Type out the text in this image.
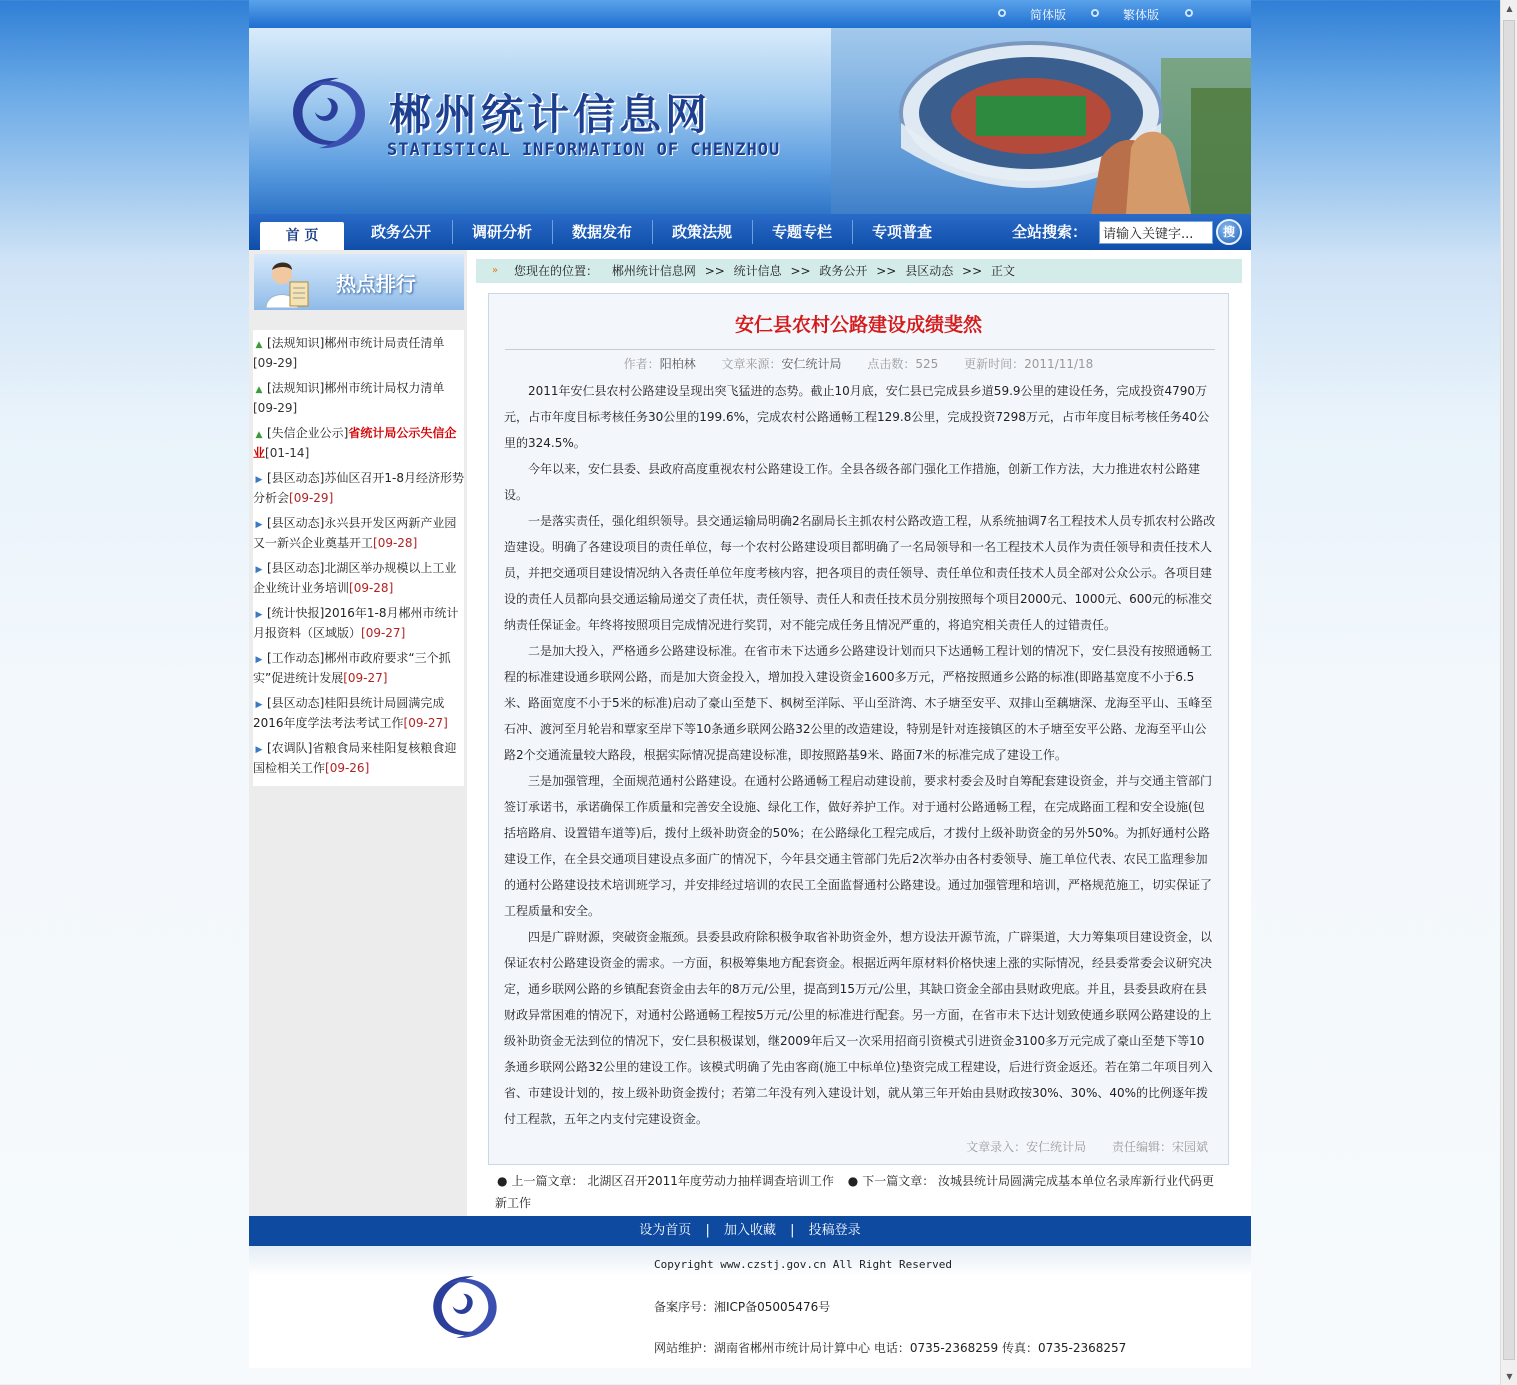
简体版	繁体版
郴州统计信息网
STATISTICAL INFORMATION OF CHENZHOU
首 页	政务公开	调研分析	数据发布	政策法规	专题专栏	专项普查	全站搜索：
请输入关键字...	搜
热点排行
▲ [法规知识]郴州市统计局责任清单
[09-29]
▲ [法规知识]郴州市统计局权力清单
[09-29]
▲ [失信企业公示]省统计局公示失信企业[01-14]
▶ [县区动态]苏仙区召开1-8月经济形势分析会[09-29]
▶ [县区动态]永兴县开发区两新产业园又一新兴企业奠基开工[09-28]
▶ [县区动态]北湖区举办规模以上工业企业统计业务培训[09-28]
▶ [统计快报]2016年1-8月郴州市统计月报资料（区域版）[09-27]
▶ [工作动态]郴州市政府要求“三个抓实”促进统计发展[09-27]
▶ [县区动态]桂阳县统计局圆满完成2016年度学法考法考试工作[09-27]
▶ [农调队]省粮食局来桂阳复核粮食迎国检相关工作[09-26]
» 您现在的位置： 郴州统计信息网 >> 统计信息 >> 政务公开 >> 县区动态 >> 正文
安仁县农村公路建设成绩斐然
作者：阳柏林 文章来源：安仁统计局 点击数：525 更新时间：2011/11/18

2011年安仁县农村公路建设呈现出突飞猛进的态势。截止10月底，安仁县已完成县乡道59.9公里的建设任务，完成投资4790万元，占市年度目标考核任务30公里的199.6%，完成农村公路通畅工程129.8公里，完成投资7298万元，占市年度目标考核任务40公里的324.5%。

今年以来，安仁县委、县政府高度重视农村公路建设工作。全县各级各部门强化工作措施，创新工作方法，大力推进农村公路建设。

一是落实责任，强化组织领导。县交通运输局明确2名副局长主抓农村公路改造工程，从系统抽调7名工程技术人员专抓农村公路改造建设。明确了各建设项目的责任单位，每一个农村公路建设项目都明确了一名局领导和一名工程技术人员作为责任领导和责任技术人员，并把交通项目建设情况纳入各责任单位年度考核内容，把各项目的责任领导、责任单位和责任技术人员全部对公众公示。各项目建设的责任人员都向县交通运输局递交了责任状，责任领导、责任人和责任技术员分别按照每个项目2000元、1000元、600元的标准交纳责任保证金。年终将按照项目完成情况进行奖罚，对不能完成任务且情况严重的，将追究相关责任人的过错责任。

二是加大投入，严格通乡公路建设标准。在省市未下达通乡公路建设计划而只下达通畅工程计划的情况下，安仁县没有按照通畅工程的标准建设通乡联网公路，而是加大资金投入，增加投入建设资金1600多万元，严格按照通乡公路的标准(即路基宽度不小于6.5米、路面宽度不小于5米的标准)启动了豪山至楚下、枫树至洋际、平山至浒湾、木子塘至安平、双排山至藕塘深、龙海至平山、玉峰至石冲、渡河至月轮岩和覃家至岸下等10条通乡联网公路32公里的改造建设，特别是针对连接镇区的木子塘至安平公路、龙海至平山公路2个交通流量较大路段，根据实际情况提高建设标准，即按照路基9米、路面7米的标准完成了建设工作。

三是加强管理，全面规范通村公路建设。在通村公路通畅工程启动建设前，要求村委会及时自筹配套建设资金，并与交通主管部门签订承诺书，承诺确保工作质量和完善安全设施、绿化工作，做好养护工作。对于通村公路通畅工程，在完成路面工程和安全设施(包括培路肩、设置错车道等)后，拨付上级补助资金的50%；在公路绿化工程完成后，才拨付上级补助资金的另外50%。为抓好通村公路建设工作，在全县交通项目建设点多面广的情况下，今年县交通主管部门先后2次举办由各村委领导、施工单位代表、农民工监理参加的通村公路建设技术培训班学习，并安排经过培训的农民工全面监督通村公路建设。通过加强管理和培训，严格规范施工，切实保证了工程质量和安全。

四是广辟财源，突破资金瓶颈。县委县政府除积极争取省补助资金外，想方设法开源节流，广辟渠道，大力筹集项目建设资金，以保证农村公路建设资金的需求。一方面，积极筹集地方配套资金。根据近两年原材料价格快速上涨的实际情况，经县委常委会议研究决定，通乡联网公路的乡镇配套资金由去年的8万元/公里，提高到15万元/公里，其缺口资金全部由县财政兜底。并且，县委县政府在县财政异常困难的情况下，对通村公路通畅工程按5万元/公里的标准进行配套。另一方面，在省市未下达计划致使通乡联网公路建设的上级补助资金无法到位的情况下，安仁县积极谋划，继2009年后又一次采用招商引资模式引进资金3100多万元完成了豪山至楚下等10条通乡联网公路32公里的建设工作。该模式明确了先由客商(施工中标单位)垫资完成工程建设，后进行资金返还。若在第二年项目列入省、市建设计划的，按上级补助资金拨付；若第二年没有列入建设计划，就从第三年开始由县财政按30%、30%、40%的比例逐年拨付工程款，五年之内支付完建设资金。

文章录入：安仁统计局 责任编辑：宋园斌
● 上一篇文章： 北湖区召开2011年度劳动力抽样调查培训工作 ● 下一篇文章： 汝城县统计局圆满完成基本单位名录库新行业代码更新工作
设为首页 | 加入收藏 | 投稿登录
Copyright www.czstj.gov.cn All Right Reserved
备案序号：湘ICP备05005476号
网站维护：湖南省郴州市统计局计算中心 电话：0735-2368259 传真：0735-2368257
▲
▼
